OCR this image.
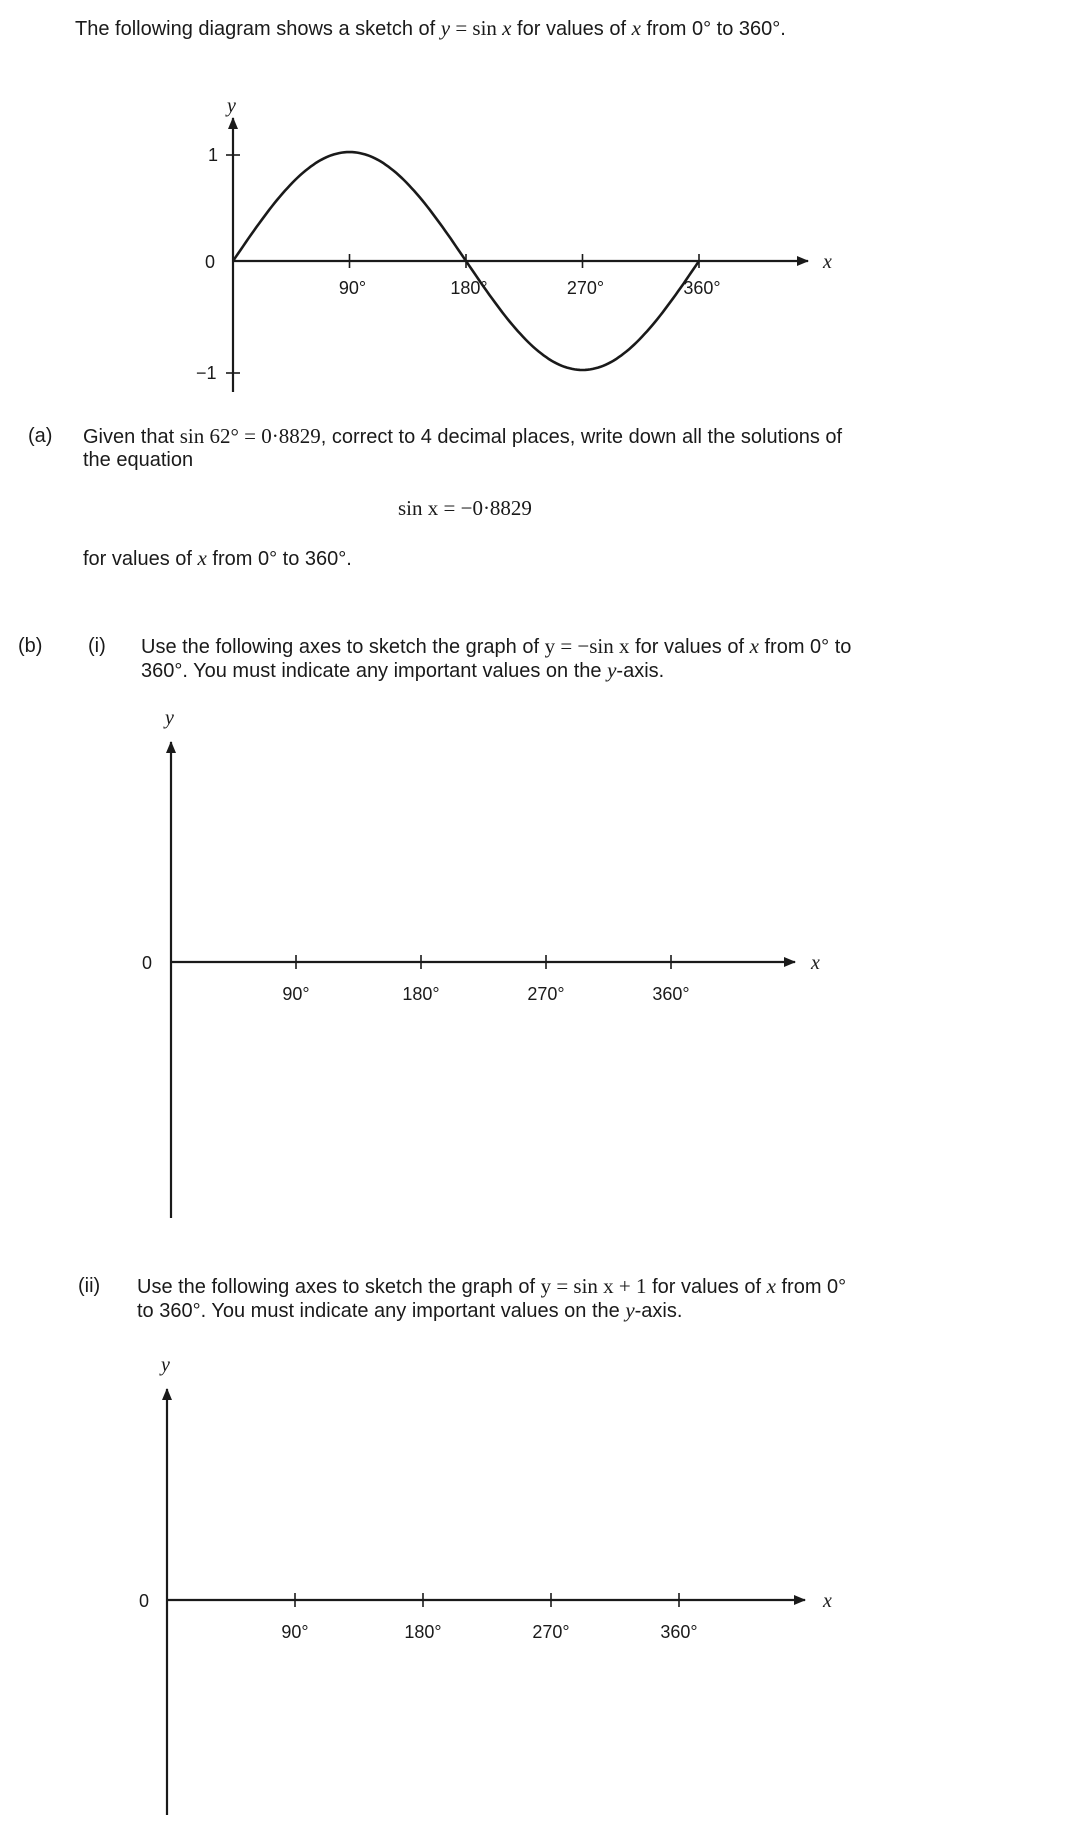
The following diagram shows a sketch of y = sin x for values of x from 0° to 360°.
y
x
1
0
−1
90°	180°	270°	360°
(a) Given that sin 62° = 0·8829, correct to 4 decimal places, write down all the solutions of
the equation
sin x = −0·8829
for values of x from 0° to 360°.
(b) (i) Use the following axes to sketch the graph of y = −sin x for values of x from 0° to
360°. You must indicate any important values on the y-axis.
y
x
0
90°	180°	270°	360°
(ii) Use the following axes to sketch the graph of y = sin x + 1 for values of x from 0°
to 360°. You must indicate any important values on the y-axis.
y
x
0
90°	180°	270°	360°
